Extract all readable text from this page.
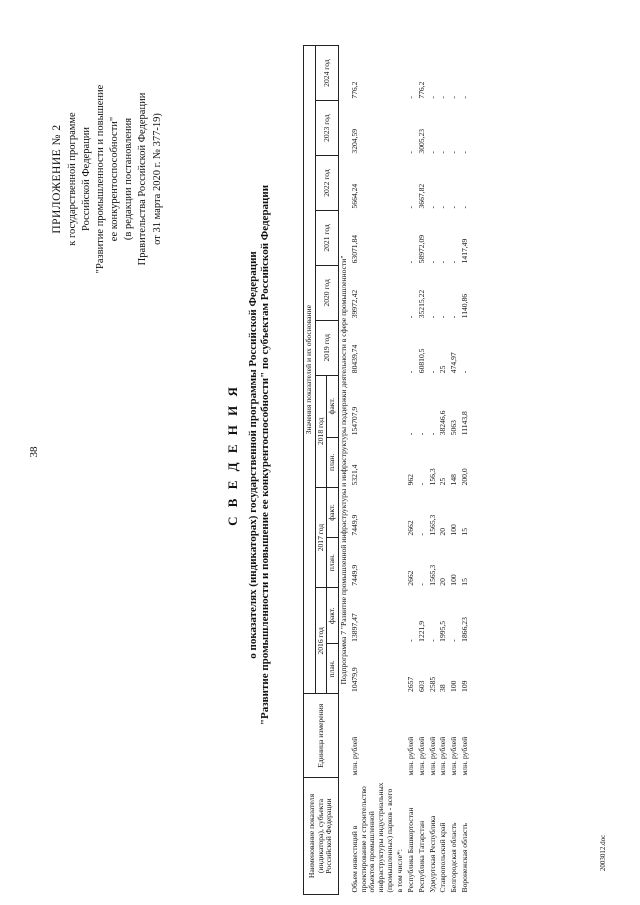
38
2003012.doc
ПРИЛОЖЕНИЕ № 2 к государственной программе Российской Федерации "Развитие промышленности и повышение ее конкурентоспособности" (в редакции постановления Правительства Российской Федерации от 31 марта 2020 г. № 377-19)
С В Е Д Е Н И Я о показателях (индикаторах) государственной программы Российской Федерации "Развитие промышленности и повышение ее конкурентоспособности" по субъектам Российской Федерации
Наименование показателя (индикатора), субъекта Российской Федерации	Единица измерения	Значения показателей и их обоснование											
		2016 год		2017 год		2018 год		2019 год	2020 год	2021 год	2022 год	2023 год	2024 год
		план.	факт.	план.	факт.	план.	факт.						
Подпрограмма 7 "Развитие промышленной инфраструктуры и инфраструктуры поддержки деятельности в сфере промышленности"													
Объем инвестиций в проектирование и строительство объектов промышленной инфраструктуры индустриальных (промышленных) парков - всего	млн. рублей	10479,9	13897,47	7449,9	7449,9	5321,4	154707,9	80439,74	39972,42	63071,84	5664,24	3204,59	776,2
в том числе*:													
Республика Башкортостан	млн. рублей	2657	-	2662	2662	962	-	-	-	-	-	-	-
Республика Татарстан	млн. рублей	603	1221,9	-	-	-	-	60810,5	35215,22	58972,09	3667,82	3005,23	776,2
Удмуртская Республика	млн. рублей	2585	-	1565,3	1565,3	156,3	-	-	-	-	-	-	-
Ставропольский край	млн. рублей	38	1995,5	20	20	25	38246,6	25	-	-	-	-	-
Белгородская область	млн. рублей	100	-	100	100	148	5063	474,97	-	-	-	-	-
Воронежская область	млн. рублей	109	1866,23	15	15	200,0	11143,8	-	1140,86	1417,49	-	-	-
